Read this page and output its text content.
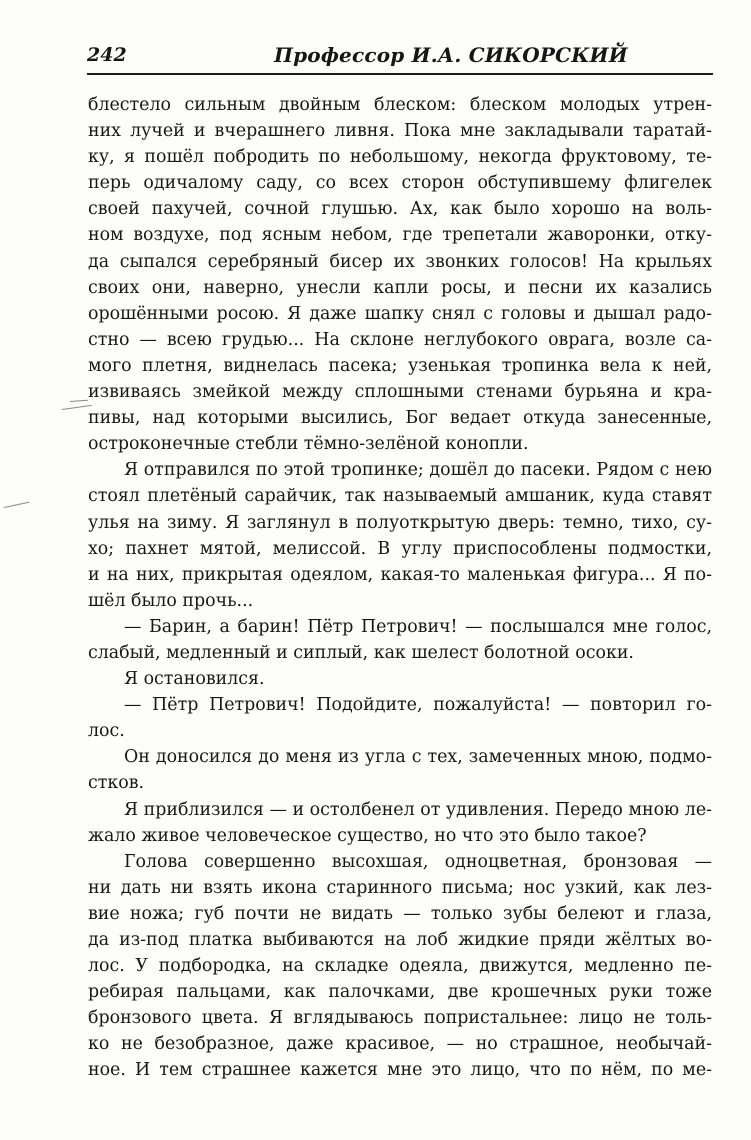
242	Профессор И.А. СИКОРСКИЙ
блестело сильным двойным блеском: блеском молодых утрен-
них лучей и вчерашнего ливня. Пока мне закладывали таратай-
ку, я пошёл побродить по небольшому, некогда фруктовому, те-
перь одичалому саду, со всех сторон обступившему флигелек
своей пахучей, сочной глушью. Ах, как было хорошо на воль-
ном воздухе, под ясным небом, где трепетали жаворонки, отку-
да сыпался серебряный бисер их звонких голосов! На крыльях
своих они, наверно, унесли капли росы, и песни их казались
орошёнными росою. Я даже шапку снял с головы и дышал радо-
стно — всею грудью... На склоне неглубокого оврага, возле са-
мого плетня, виднелась пасека; узенькая тропинка вела к ней,
извиваясь змейкой между сплошными стенами бурьяна и кра-
пивы, над которыми высились, Бог ведает откуда занесенные,
остроконечные стебли тёмно-зелёной конопли.
Я отправился по этой тропинке; дошёл до пасеки. Рядом с нею
стоял плетёный сарайчик, так называемый амшаник, куда ставят
улья на зиму. Я заглянул в полуоткрытую дверь: темно, тихо, су-
хо; пахнет мятой, мелиссой. В углу приспособлены подмостки,
и на них, прикрытая одеялом, какая-то маленькая фигура... Я по-
шёл было прочь...
— Барин, а барин! Пётр Петрович! — послышался мне голос,
слабый, медленный и сиплый, как шелест болотной осоки.
Я остановился.
— Пётр Петрович! Подойдите, пожалуйста! — повторил го-
лос.
Он доносился до меня из угла с тех, замеченных мною, подмо-
стков.
Я приблизился — и остолбенел от удивления. Передо мною ле-
жало живое человеческое существо, но что это было такое?
Голова совершенно высохшая, одноцветная, бронзовая —
ни дать ни взять икона старинного письма; нос узкий, как лез-
вие ножа; губ почти не видать — только зубы белеют и глаза,
да из-под платка выбиваются на лоб жидкие пряди жёлтых во-
лос. У подбородка, на складке одеяла, движутся, медленно пе-
ребирая пальцами, как палочками, две крошечных руки тоже
бронзового цвета. Я вглядываюсь попристальнее: лицо не толь-
ко не безобразное, даже красивое, — но страшное, необычай-
ное. И тем страшнее кажется мне это лицо, что по нём, по ме-
